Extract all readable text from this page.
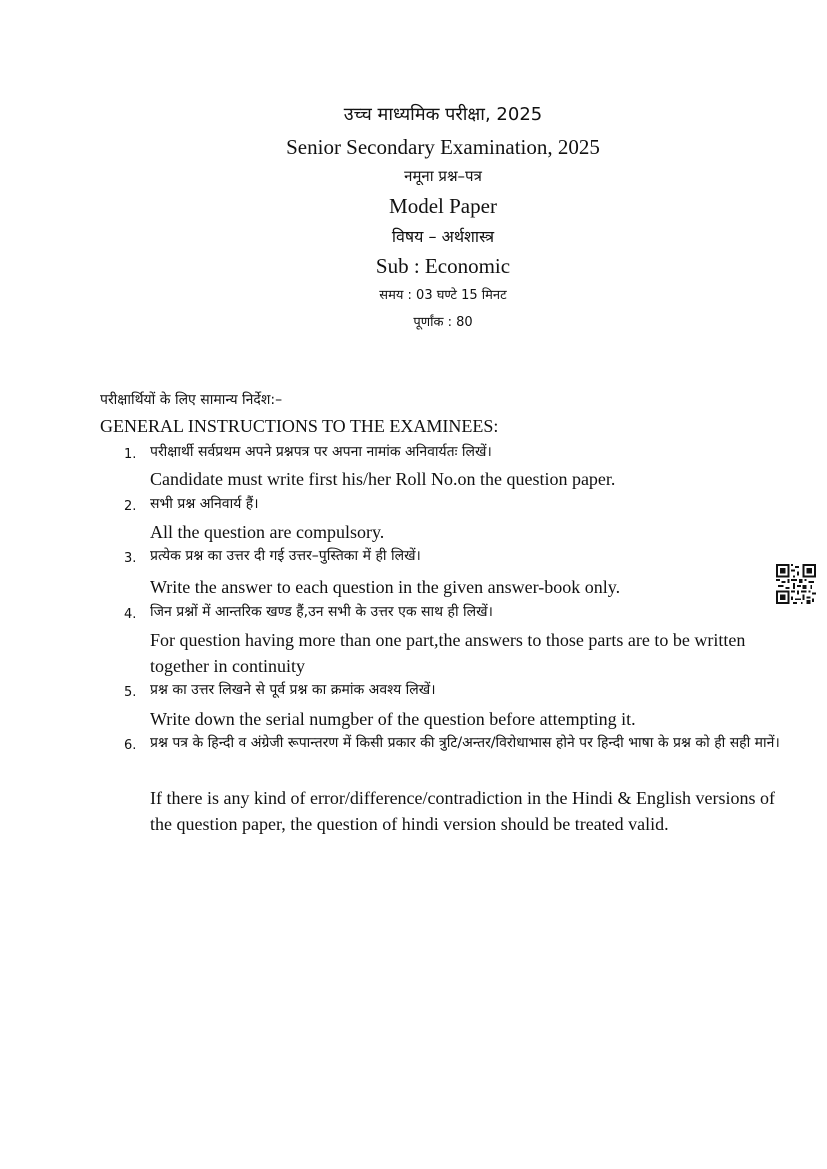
उच्च माध्यमिक परीक्षा, 2025
Senior Secondary Examination, 2025
नमूना प्रश्न–पत्र
Model Paper
विषय – अर्थशास्त्र
Sub : Economic
समय : 03 घण्टे 15 मिनट
पूर्णांक : 80
परीक्षार्थियों के लिए सामान्य निर्देश:–
GENERAL INSTRUCTIONS TO THE EXAMINEES:
1. परीक्षार्थी सर्वप्रथम अपने प्रश्नपत्र पर अपना नामांक अनिवार्यतः लिखें।
Candidate must write first his/her Roll No.on the question paper.
2. सभी प्रश्न अनिवार्य हैं।
All the question are compulsory.
3. प्रत्येक प्रश्न का उत्तर दी गई उत्तर–पुस्तिका में ही लिखें।
Write the answer to each question in the given answer-book only.
4. जिन प्रश्नों में आन्तरिक खण्ड हैं,उन सभी के उत्तर एक साथ ही लिखें।
For question having more than one part,the answers to those parts are to be written together in continuity
5. प्रश्न का उत्तर लिखने से पूर्व प्रश्न का क्रमांक अवश्य लिखें।
Write down the serial numgber of the question before attempting it.
6. प्रश्न पत्र के हिन्दी व अंग्रेजी रूपान्तरण में किसी प्रकार की त्रुटि/अन्तर/विरोधाभास होने पर हिन्दी भाषा के प्रश्न को ही सही मानें।
If there is any kind of error/difference/contradiction in the Hindi & English versions of the question paper, the question of hindi version should be treated valid.
